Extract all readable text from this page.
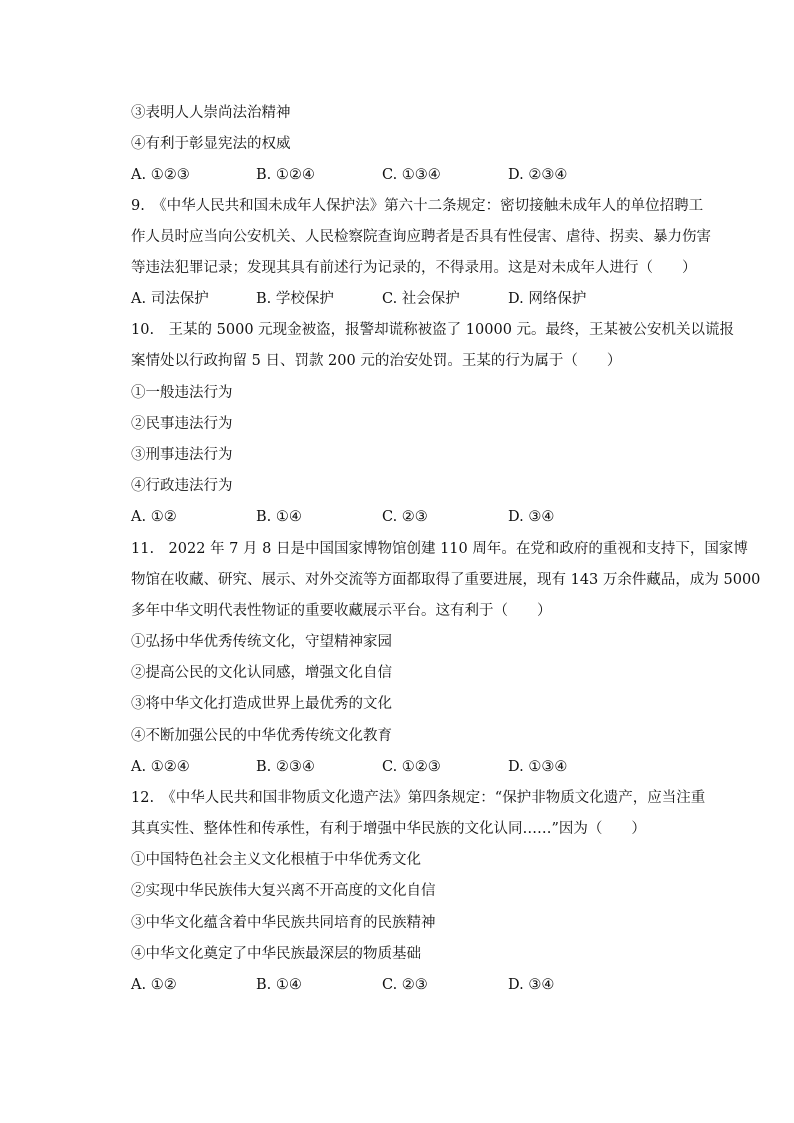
③表明人人崇尚法治精神
④有利于彰显宪法的权威
A. ①②③	B. ①②④	C. ①③④	D. ②③④
9.　《中华人民共和国未成年人保护法》第六十二条规定：密切接触未成年人的单位招聘工
作人员时应当向公安机关、人民检察院查询应聘者是否具有性侵害、虐待、拐卖、暴力伤害
等违法犯罪记录；发现其具有前述行为记录的，不得录用。这是对未成年人进行（　　）
A. 司法保护	B. 学校保护	C. 社会保护	D. 网络保护
10.　王某的 5000 元现金被盗，报警却谎称被盗了 10000 元。最终，王某被公安机关以谎报
案情处以行政拘留 5 日、罚款 200 元的治安处罚。王某的行为属于（　　）
①一般违法行为
②民事违法行为
③刑事违法行为
④行政违法行为
A. ①②	B. ①④	C. ②③	D. ③④
11.　2022 年 7 月 8 日是中国国家博物馆创建 110 周年。在党和政府的重视和支持下，国家博
物馆在收藏、研究、展示、对外交流等方面都取得了重要进展，现有 143 万余件藏品，成为 5000
多年中华文明代表性物证的重要收藏展示平台。这有利于（　　）
①弘扬中华优秀传统文化，守望精神家园
②提高公民的文化认同感，增强文化自信
③将中华文化打造成世界上最优秀的文化
④不断加强公民的中华优秀传统文化教育
A. ①②④	B. ②③④	C. ①②③	D. ①③④
12.　《中华人民共和国非物质文化遗产法》第四条规定：“保护非物质文化遗产，应当注重
其真实性、整体性和传承性，有利于增强中华民族的文化认同……”因为（　　）
①中国特色社会主义文化根植于中华优秀文化
②实现中华民族伟大复兴离不开高度的文化自信
③中华文化蕴含着中华民族共同培育的民族精神
④中华文化奠定了中华民族最深层的物质基础
A. ①②	B. ①④	C. ②③	D. ③④
